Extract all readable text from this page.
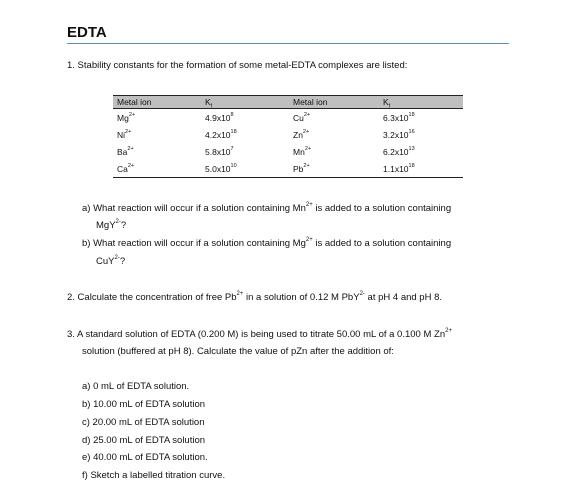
EDTA
1. Stability constants for the formation of some metal-EDTA complexes are listed:
Metal ion	$K_f$	Metal ion	$K_f$
$Mg^{2+}$	$4.9x10^8$	$Cu^{2+}$	$6.3x10^{18}$
$Ni^{2+}$	$4.2x10^{18}$	$Zn^{2+}$	$3.2x10^{16}$
$Ba^{2+}$	$5.8x10^7$	$Mn^{2+}$	$6.2x10^{13}$
$Ca^{2+}$	$5.0x10^{10}$	$Pb^{2+}$	$1.1x10^{18}$
a) What reaction will occur if a solution containing $Mn^{2+}$ is added to a solution containing
MgY$^{2-}$?
b) What reaction will occur if a solution containing $Mg^{2+}$ is added to a solution containing
CuY$^{2-}$?
2. Calculate the concentration of free $Pb^{2+}$ in a solution of 0.12 M PbY$^{2-}$ at pH 4 and pH 8.
3. A standard solution of EDTA (0.200 M) is being used to titrate 50.00 mL of a 0.100 M $Zn^{2+}$
solution (buffered at pH 8). Calculate the value of pZn after the addition of:
a) 0 mL of EDTA solution.
b) 10.00 mL of EDTA solution
c) 20.00 mL of EDTA solution
d) 25.00 mL of EDTA solution
e) 40.00 mL of EDTA solution.
f) Sketch a labelled titration curve.
